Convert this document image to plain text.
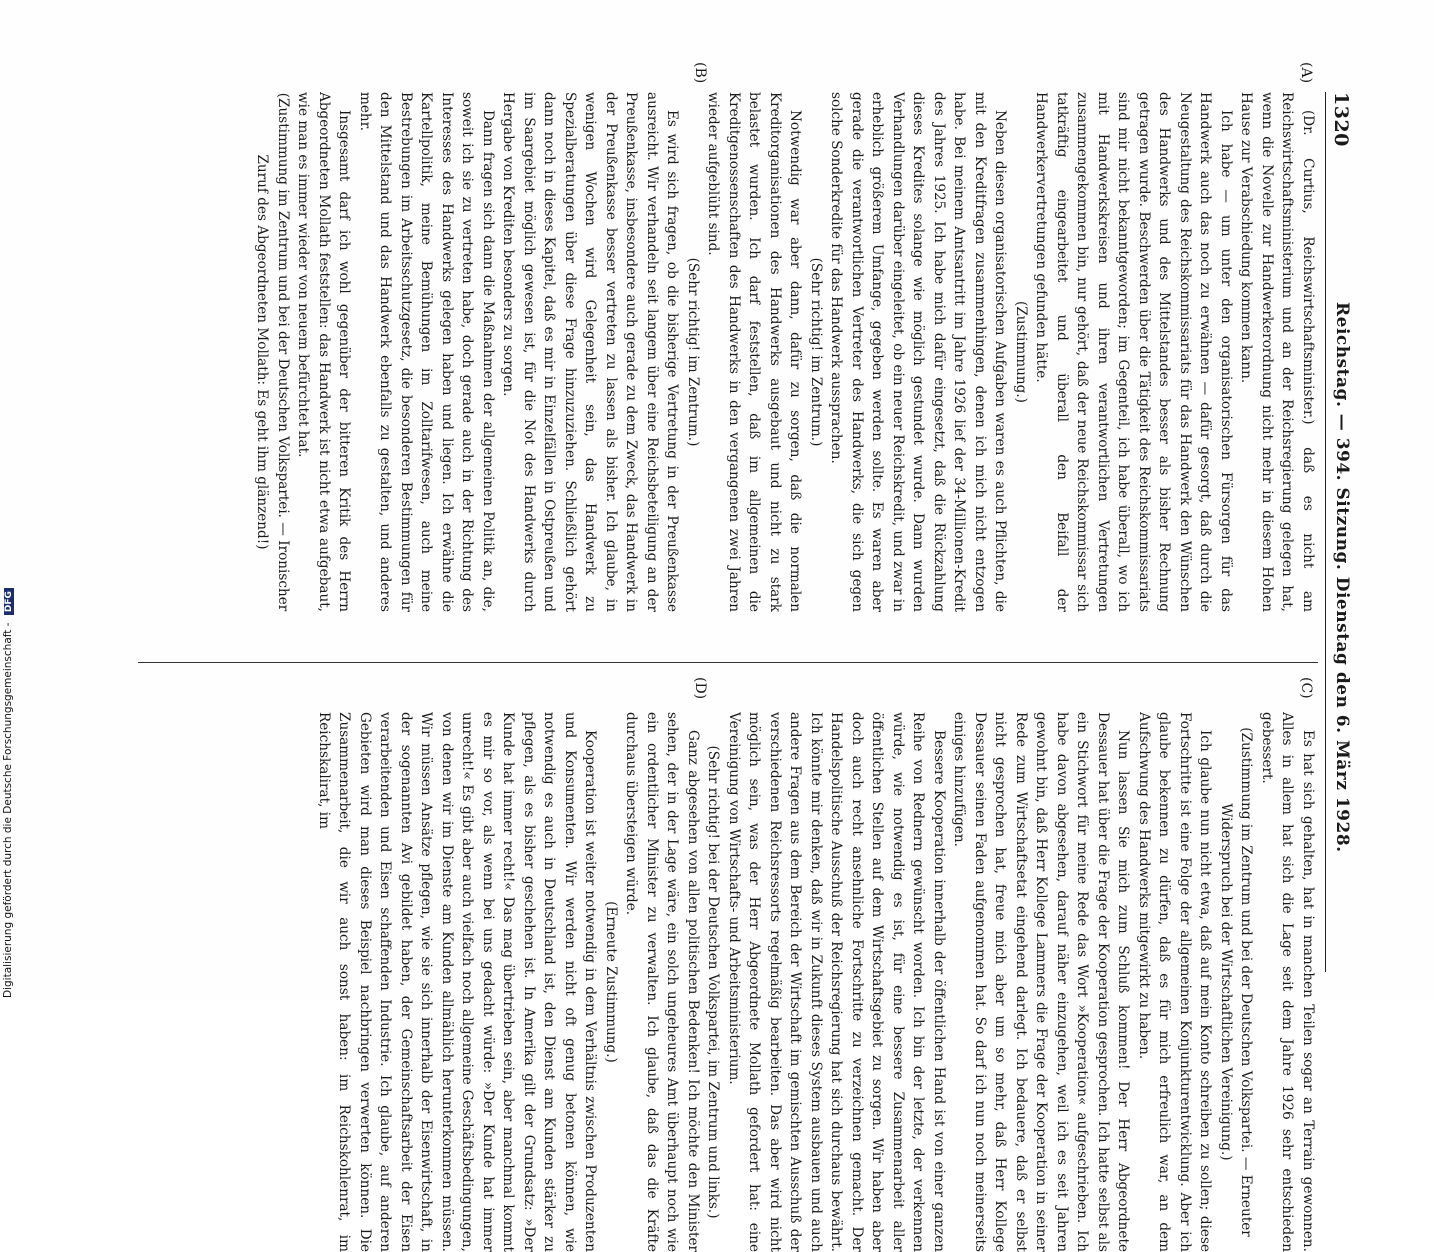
1320
Reichstag. — 394. Sitzung. Dienstag den 6. März 1928.

Es hat sich gehalten, hat in manchen Teilen sogar an Terrain gewonnen. Alles in allem hat sich die Lage seit dem Jahre 1926 sehr entschieden gebessert.

(Zustimmung im Zentrum und bei der Deutschen Volkspartei. — Erneuter Widerspruch bei der Wirtschaftlichen Vereinigung.)

Ich glaube nun nicht etwa, daß auf mein Konto schreiben zu sollen; diese Fortschritte ist eine Folge der allgemeinen Konjunkturentwicklung. Aber ich glaube bekennen zu dürfen, daß es für mich erfreulich war, an dem Aufschwung des Handwerks mitgewirkt zu haben.

Nun lassen Sie mich zum Schluß kommen! Der Herr Abgeordnete Dessauer hat über die Frage der Kooperation gesprochen. Ich hatte selbst als ein Stichwort für meine Rede das Wort »Kooperation« aufgeschrieben. Ich habe davon abgesehen, darauf näher einzugehen, weil ich es seit Jahren gewohnt bin, daß Herr Kollege Lammers die Frage der Kooperation in seiner Rede zum Wirtschaftsetat eingehend darlegt. Ich bedauere, daß er selbst nicht gesprochen hat, freue mich aber um so mehr, daß Herr Kollege Dessauer seinen Faden aufgenommen hat. So darf ich nun noch meinerseits einiges hinzufügen.

Bessere Kooperation innerhalb der öffentlichen Hand ist von einer ganzen Reihe von Rednern gewünscht worden. Ich bin der letzte, der verkennen würde, wie notwendig es ist, für eine bessere Zusammenarbeit aller öffentlichen Stellen auf dem Wirtschaftsgebiet zu sorgen. Wir haben aber doch auch recht ansehnliche Fortschritte zu verzeichnen gemacht. Der Handelspolitische Ausschuß der Reichsregierung hat sich durchaus bewährt. Ich könnte mir denken, daß wir in Zukunft dieses System ausbauen und auch andere Fragen aus dem Bereich der Wirtschaft im gemischten Ausschuß der verschiedenen Reichsressorts regelmäßig bearbeiten. Das aber wird nicht möglich sein, was der Herr Abgeordnete Mollath gefordert hat: eine Vereinigung von Wirtschafts- und Arbeitsministerium.

(Sehr richtig! bei der Deutschen Volkspartei, im Zentrum und links.)

Ganz abgesehen von allen politischen Bedenken! Ich möchte den Minister sehen, der in der Lage wäre, ein solch ungeheures Amt überhaupt noch wie ein ordentlicher Minister zu verwalten. Ich glaube, daß das die Kräfte durchaus übersteigen würde.

(Erneute Zustimmung.)

Kooperation ist weiter notwendig in dem Verhältnis zwischen Produzenten und Konsumenten. Wir werden nicht oft genug betonen können, wie notwendig es auch in Deutschland ist, den Dienst am Kunden stärker zu pflegen, als es bisher geschehen ist. In Amerika gilt der Grundsatz: »Der Kunde hat immer recht!« Das mag übertrieben sein, aber manchmal kommt es mir so vor, als wenn bei uns gedacht würde: »Der Kunde hat immer unrecht!« Es gibt aber auch vielfach noch allgemeine Geschäftsbedingungen, von denen wir im Dienste am Kunden allmählich herunterkommen müssen. Wir müssen Ansätze pflegen, wie sie sich innerhalb der Eisenwirtschaft, in der sogenannten Avi gebildet haben, der Gemeinschaftsarbeit der Eisen verarbeitenden und Eisen schaffenden Industrie. Ich glaube, auf anderen Gebieten wird man dieses Beispiel nachbringen verwerten können. Die Zusammenarbeit, die wir auch sonst haben: im Reichskohlenrat, im Reichskalirat, im

(Dr. Curtius, Reichswirtschaftsminister.) daß es nicht am Reichswirtschaftsministerium und an der Reichsregierung gelegen hat, wenn die Novelle zur Handwerkerordnung nicht mehr in diesem Hohen Hause zur Verabschiedung kommen kann.

Ich habe — um unter den organisatorischen Fürsorgen für das Handwerk auch das noch zu erwähnen — dafür gesorgt, daß durch die Neugestaltung des Reichskommissariats für das Handwerk den Wünschen des Handwerks und des Mittelstandes besser als bisher Rechnung getragen wurde. Beschwerden über die Tätigkeit des Reichskommissariats sind mir nicht bekanntgeworden; im Gegenteil, ich habe überall, wo ich mit Handwerkskreisen und ihren verantwortlichen Vertretungen zusammengekommen bin, nur gehört, daß der neue Reichskommissar sich tatkräftig eingearbeitet und überall den Beifall der Handwerkervertretungen gefunden hätte.

(Zustimmung.)

Neben diesen organisatorischen Aufgaben waren es auch Pflichten, die mit den Kreditfragen zusammenhingen, denen ich mich nicht entzogen habe. Bei meinem Amtsantritt im Jahre 1926 lief der 34-Millionen-Kredit des Jahres 1925. Ich habe mich dafür eingesetzt, daß die Rückzahlung dieses Kredites solange wie möglich gestundet wurde. Dann wurden Verhandlungen darüber eingeleitet, ob ein neuer Reichskredit, und zwar in erheblich größerem Umfange, gegeben werden sollte. Es waren aber gerade die verantwortlichen Vertreter des Handwerks, die sich gegen solche Sonderkredite für das Handwerk aussprachen.

(Sehr richtig! im Zentrum.)

Notwendig war aber dann, dafür zu sorgen, daß die normalen Kreditorganisationen des Handwerks ausgebaut und nicht zu stark belastet wurden. Ich darf feststellen, daß im allgemeinen die Kreditgenossenschaften des Handwerks in den vergangenen zwei Jahren wieder aufgeblüht sind.

(Sehr richtig! im Zentrum.)

Es wird sich fragen, ob die bisherige Vertretung in der Preußenkasse ausreicht. Wir verhandeln seit langem über eine Reichsbeteiligung an der Preußenkasse, insbesondere auch gerade zu dem Zweck, das Handwerk in der Preußenkasse besser vertreten zu lassen als bisher. Ich glaube, in wenigen Wochen wird Gelegenheit sein, das Handwerk zu Spezialberatungen über diese Frage hinzuzuziehen. Schließlich gehört dann noch in dieses Kapitel, daß es mir in Einzelfällen in Ostpreußen und im Saargebiet möglich gewesen ist, für die Not des Handwerks durch Hergabe von Krediten besonders zu sorgen.

Dann fragen sich dann die Maßnahmen der allgemeinen Politik an, die, soweit ich sie zu vertreten habe, doch gerade auch in der Richtung des Interesses des Handwerks gelegen haben und liegen. Ich erwähne die Kartellpolitik, meine Bemühungen im Zolltarifwesen, auch meine Bestrebungen im Arbeitsschutzgesetz, die besonderen Bestimmungen für den Mittelstand und das Handwerk ebenfalls zu gestalten, und anderes mehr.

Insgesamt darf ich wohl gegenüber der bitteren Kritik des Herrn Abgeordneten Mollath feststellen: das Handwerk ist nicht etwa aufgebaut, wie man es immer wieder von neuem befürchtet hat.

(Zustimmung im Zentrum und bei der Deutschen Volkspartei. — Ironischer Zuruf des Abgeordneten Mollath: Es geht ihm glänzend!)

(C)
(D)
(A)
(B)
Digitalisierung gefördert durch die Deutsche Forschungsgemeinschaft - DFG
